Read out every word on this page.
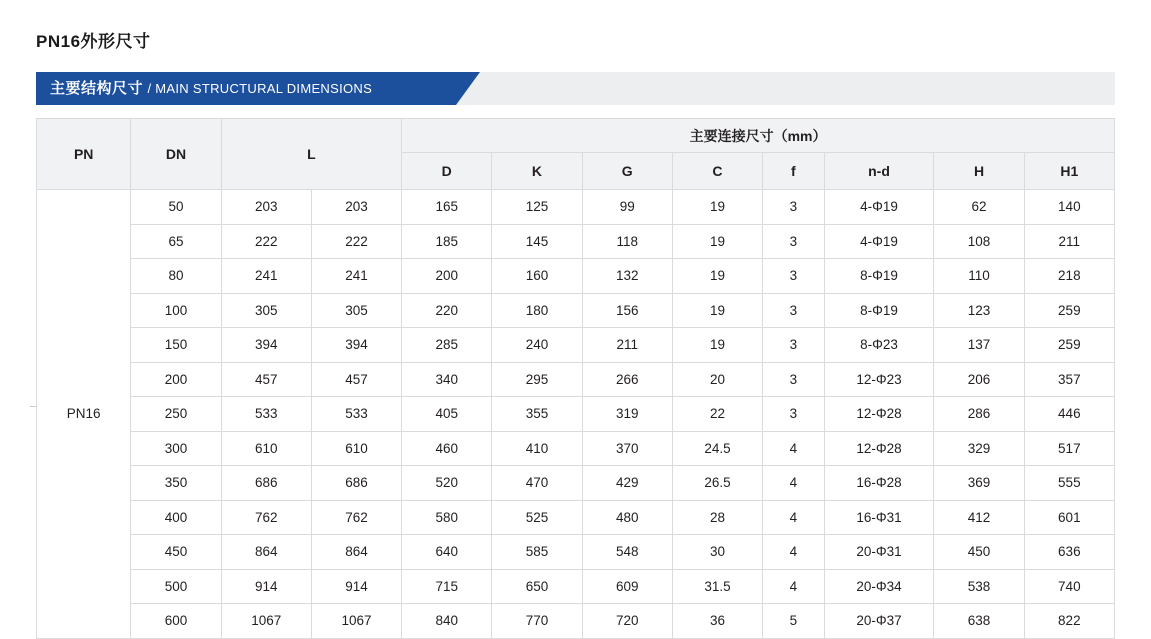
PN16外形尺寸
主要结构尺寸 / MAIN STRUCTURAL DIMENSIONS
PN	DN	L		主要连接尺寸（mm）							
				D	K	G	C	f	n-d	H	H1
PN16	50	203	203	165	125	99	19	3	4-Φ19	62	140
	65	222	222	185	145	118	19	3	4-Φ19	108	211
	80	241	241	200	160	132	19	3	8-Φ19	110	218
	100	305	305	220	180	156	19	3	8-Φ19	123	259
	150	394	394	285	240	211	19	3	8-Φ23	137	259
	200	457	457	340	295	266	20	3	12-Φ23	206	357
	250	533	533	405	355	319	22	3	12-Φ28	286	446
	300	610	610	460	410	370	24.5	4	12-Φ28	329	517
	350	686	686	520	470	429	26.5	4	16-Φ28	369	555
	400	762	762	580	525	480	28	4	16-Φ31	412	601
	450	864	864	640	585	548	30	4	20-Φ31	450	636
	500	914	914	715	650	609	31.5	4	20-Φ34	538	740
	600	1067	1067	840	770	720	36	5	20-Φ37	638	822
